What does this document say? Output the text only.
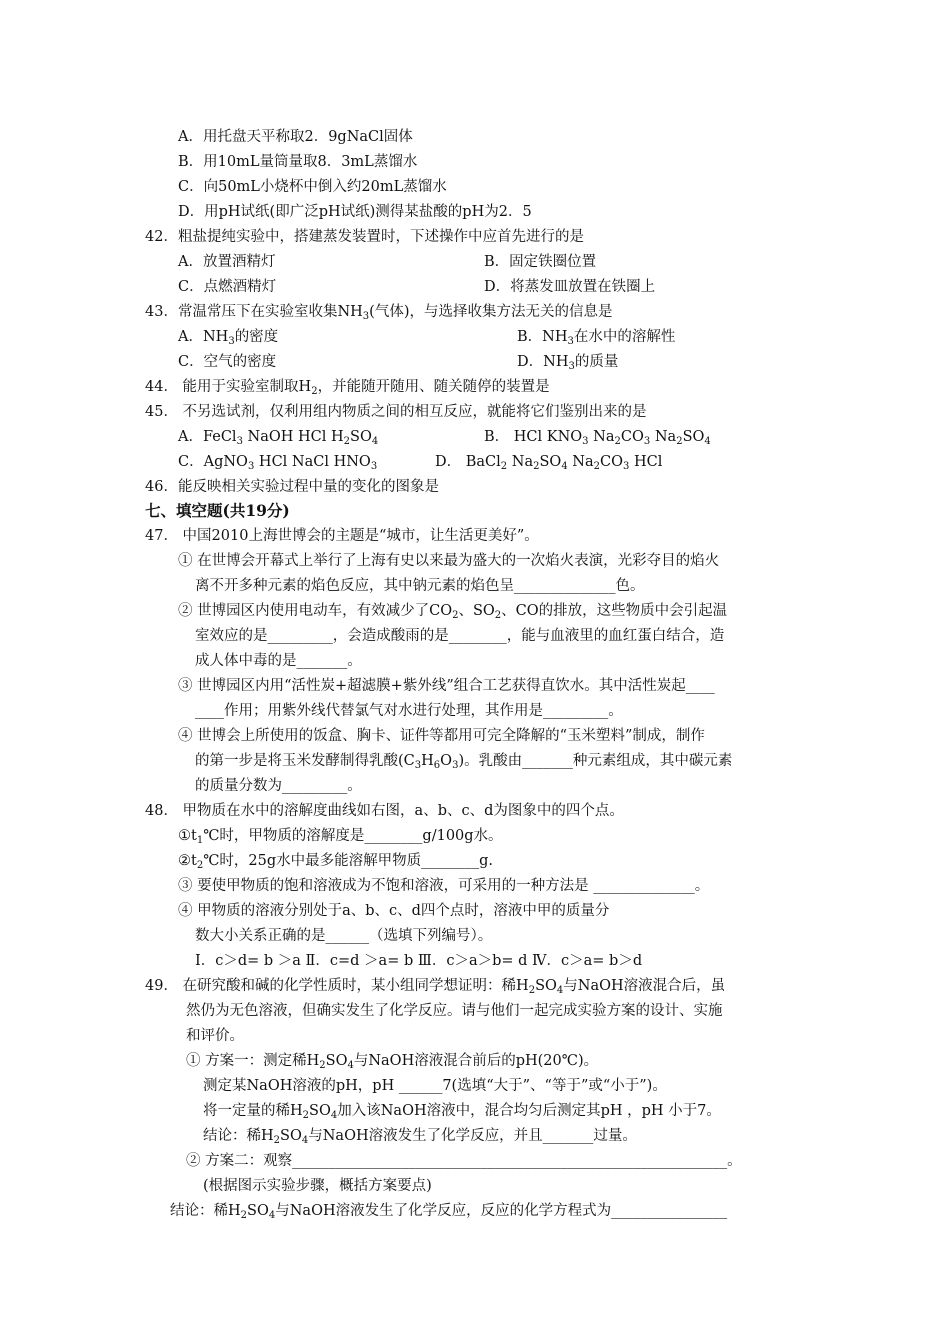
A．用托盘天平称取2．9gNaCl固体
B．用10mL量筒量取8．3mL蒸馏水
C．向50mL小烧杯中倒入约20mL蒸馏水
D．用pH试纸(即广泛pH试纸)测得某盐酸的pH为2．5
42．粗盐提纯实验中，搭建蒸发装置时，下述操作中应首先进行的是
A．放置酒精灯	B．固定铁圈位置
C．点燃酒精灯	D．将蒸发皿放置在铁圈上
43．常温常压下在实验室收集$NH_3$(气体)，与选择收集方法无关的信息是
A．$NH_3$的密度	B．$NH_3$在水中的溶解性
C．空气的密度	D．$NH_3$的质量
44． 能用于实验室制取$H_2$，并能随开随用、随关随停的装置是
45． 不另选试剂，仅利用组内物质之间的相互反应，就能将它们鉴别出来的是
A．FeCl$_3$ NaOH HCl $H_2SO_4$	B． HCl $KNO_3$ $Na_2CO_3$ $Na_2SO_4$
C．AgNO$_3$ HCl NaCl $HNO_3$	D． BaCl$_2$ $Na_2SO_4$ $Na_2CO_3$ HCl
46．能反映相关实验过程中量的变化的图象是
七、填空题(共19分)
47． 中国2010上海世博会的主题是“城市，让生活更美好”。
① 在世博会开幕式上举行了上海有史以来最为盛大的一次焰火表演，光彩夺目的焰火
离不开多种元素的焰色反应，其中钠元素的焰色呈______________色。
② 世博园区内使用电动车，有效减少了$CO_2$、$SO_2$、CO的排放，这些物质中会引起温
室效应的是_________，会造成酸雨的是________，能与血液里的血红蛋白结合，造
成人体中毒的是_______。
③ 世博园区内用“活性炭+超滤膜+紫外线”组合工艺获得直饮水。其中活性炭起____
____作用；用紫外线代替氯气对水进行处理，其作用是_________。
④ 世博会上所使用的饭盒、胸卡、证件等都用可完全降解的“玉米塑料”制成，制作
的第一步是将玉米发酵制得乳酸$(C_3H_6O_3)$。乳酸由_______种元素组成，其中碳元素
的质量分数为_________。
48． 甲物质在水中的溶解度曲线如右图，a、b、c、d为图象中的四个点。
$①t_1℃$时，甲物质的溶解度是________g/100g水。
$②t_2℃$时，25g水中最多能溶解甲物质________g.
③ 要使甲物质的饱和溶液成为不饱和溶液，可采用的一种方法是 ______________。
④ 甲物质的溶液分别处于a、b、c、d四个点时，溶液中甲的质量分
数大小关系正确的是______（选填下列编号）。
Ⅰ．c＞d= b ＞a Ⅱ．c=d ＞a= b Ⅲ．c＞a＞b= d Ⅳ．c＞a= b＞d
49． 在研究酸和碱的化学性质时，某小组同学想证明：稀$H_2SO_4$与NaOH溶液混合后，虽
然仍为无色溶液，但确实发生了化学反应。请与他们一起完成实验方案的设计、实施
和评价。
① 方案一：测定稀$H_2SO_4$与NaOH溶液混合前后的pH(20℃)。
测定某NaOH溶液的pH，pH ______7(选填“大于”、“等于”或“小于”)。
将一定量的稀$H_2SO_4$加入该NaOH溶液中，混合均匀后测定其pH ，pH 小于7。
结论：稀$H_2SO_4$与NaOH溶液发生了化学反应，并且_______过量。
② 方案二：观察____________________________________________________________。
(根据图示实验步骤，概括方案要点)
结论：稀$H_2SO_4$与NaOH溶液发生了化学反应，反应的化学方程式为________________
